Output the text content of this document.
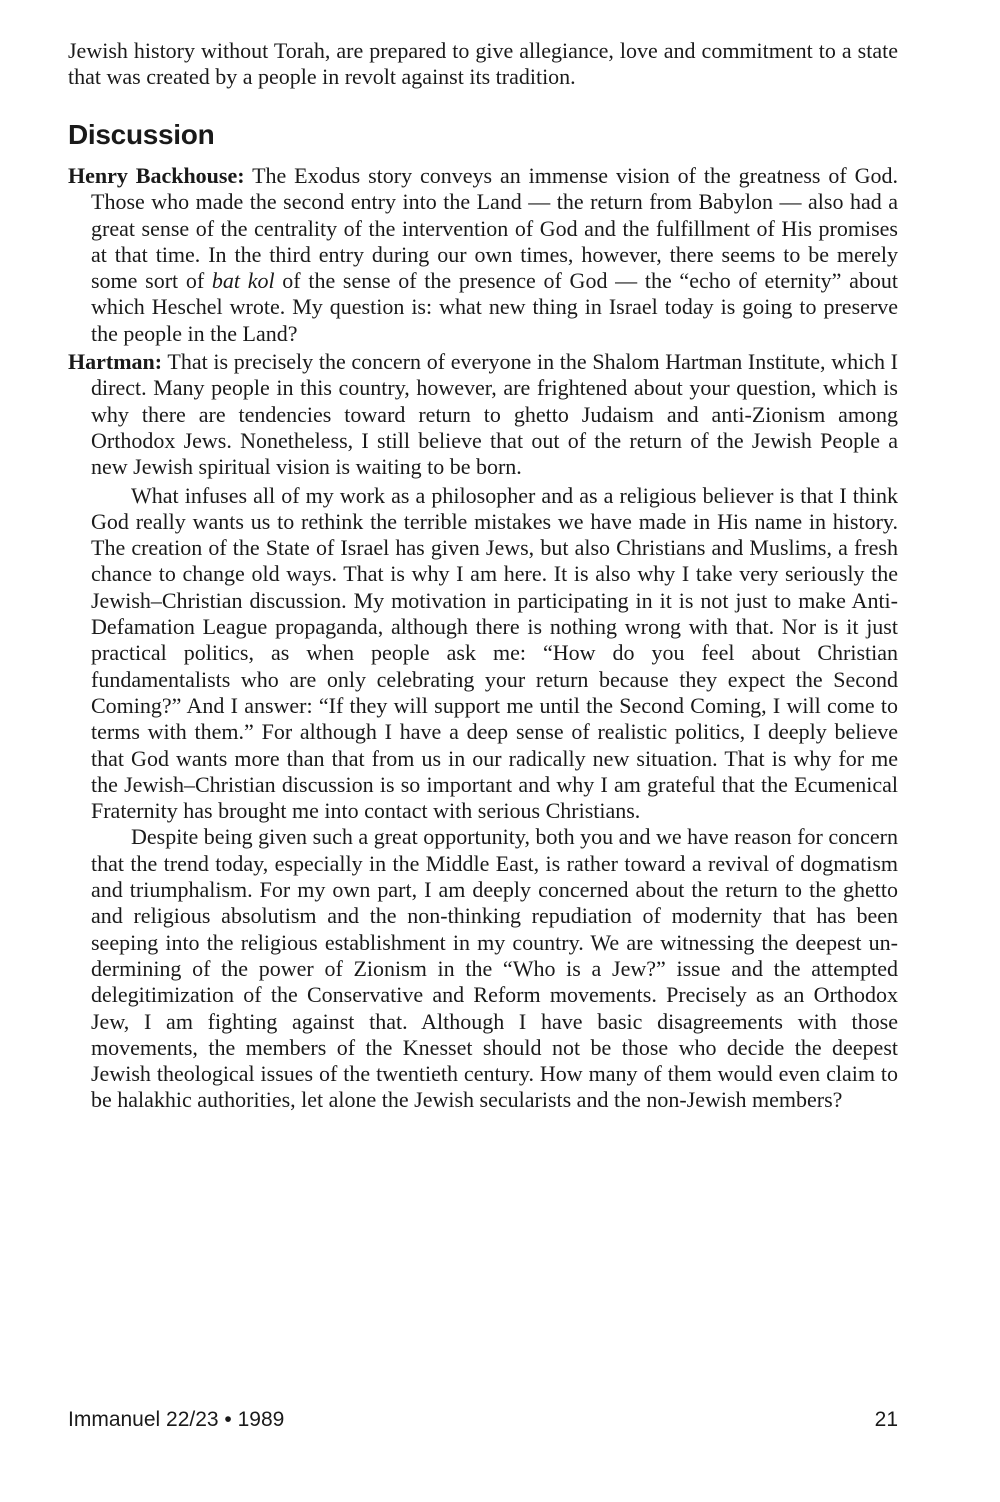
Jewish history without Torah, are prepared to give allegiance, love and commitment to a state that was created by a people in revolt against its tradition.

Discussion

Henry Backhouse: The Exodus story conveys an immense vision of the greatness of God. Those who made the second entry into the Land — the return from Babylon — also had a great sense of the centrality of the intervention of God and the fulfillment of His promises at that time. In the third entry during our own times, however, there seems to be merely some sort of bat kol of the sense of the presence of God — the “echo of eternity” about which Heschel wrote. My question is: what new thing in Israel today is going to preserve the people in the Land?

Hartman: That is precisely the concern of everyone in the Shalom Hartman Institute, which I direct. Many people in this country, however, are frightened about your question, which is why there are tendencies toward return to ghetto Judaism and anti-Zionism among Orthodox Jews. Nonetheless, I still believe that out of the return of the Jewish People a new Jewish spiritual vision is waiting to be born.

What infuses all of my work as a philosopher and as a religious believer is that I think God really wants us to rethink the terrible mistakes we have made in His name in history. The creation of the State of Israel has given Jews, but also Christians and Muslims, a fresh chance to change old ways. That is why I am here. It is also why I take very seriously the Jewish–Christian discussion. My motivation in participating in it is not just to make Anti-Defamation League propaganda, although there is nothing wrong with that. Nor is it just practical politics, as when people ask me: “How do you feel about Christian fundamentalists who are only celebrating your return because they expect the Second Coming?” And I answer: “If they will support me until the Second Coming, I will come to terms with them.” For although I have a deep sense of realistic politics, I deeply believe that God wants more than that from us in our radically new situation. That is why for me the Jewish–Christian discussion is so important and why I am grateful that the Ecumenical Fraternity has brought me into contact with serious Christians.

Despite being given such a great opportunity, both you and we have reason for concern that the trend today, especially in the Middle East, is rather toward a revival of dogmatism and triumphalism. For my own part, I am deeply concerned about the return to the ghetto and religious absolutism and the non-thinking repudiation of modernity that has been seeping into the religious establishment in my country. We are witnessing the deepest undermining of the power of Zionism in the “Who is a Jew?” issue and the attempted delegitimization of the Conservative and Reform movements. Precisely as an Orthodox Jew, I am fighting against that. Although I have basic disagreements with those movements, the members of the Knesset should not be those who decide the deepest Jewish theological issues of the twentieth century. How many of them would even claim to be halakhic authorities, let alone the Jewish secularists and the non-Jewish members?

Immanuel 22/23 • 1989	21
